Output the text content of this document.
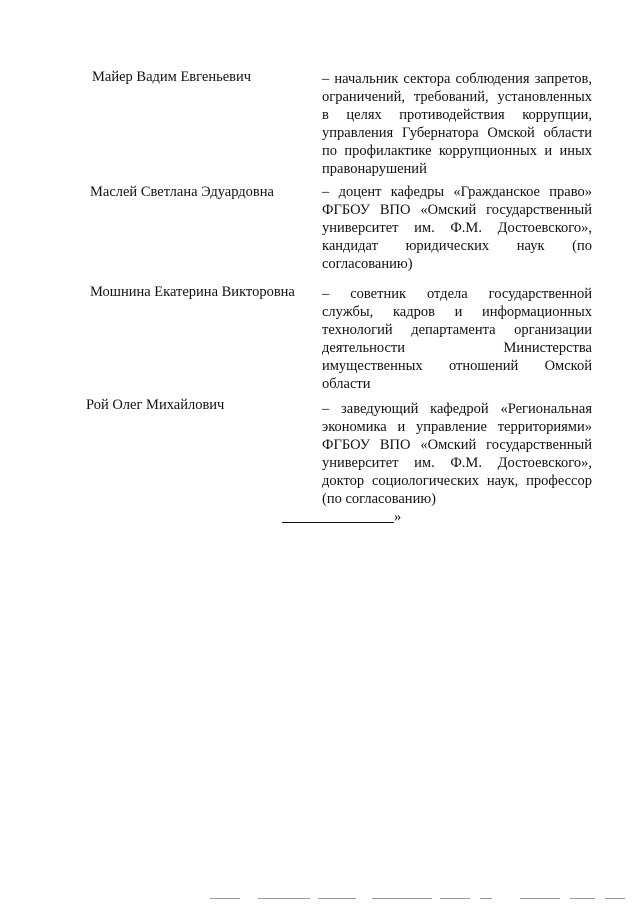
Майер Вадим Евгеньевич	– начальник сектора соблюдения запретов, ограничений, требований, установленных в целях противодействия коррупции, управления Губернатора Омской области по профилактике коррупционных и иных правонарушений
Маслей Светлана Эдуардовна	– доцент кафедры «Гражданское право» ФГБОУ ВПО «Омский государственный университет им. Ф.М. Достоевского», кандидат юридических наук (по согласованию)
Мошнина Екатерина Викторовна – советник отдела государственной службы, кадров и информационных технологий департамента организации деятельности Министерства имущественных отношений Омской области
Рой Олег Михайлович	– заведующий кафедрой «Региональная экономика и управление территориями» ФГБОУ ВПО «Омский государственный университет им. Ф.М. Достоевского», доктор социологических наук, профессор (по согласованию)
»
